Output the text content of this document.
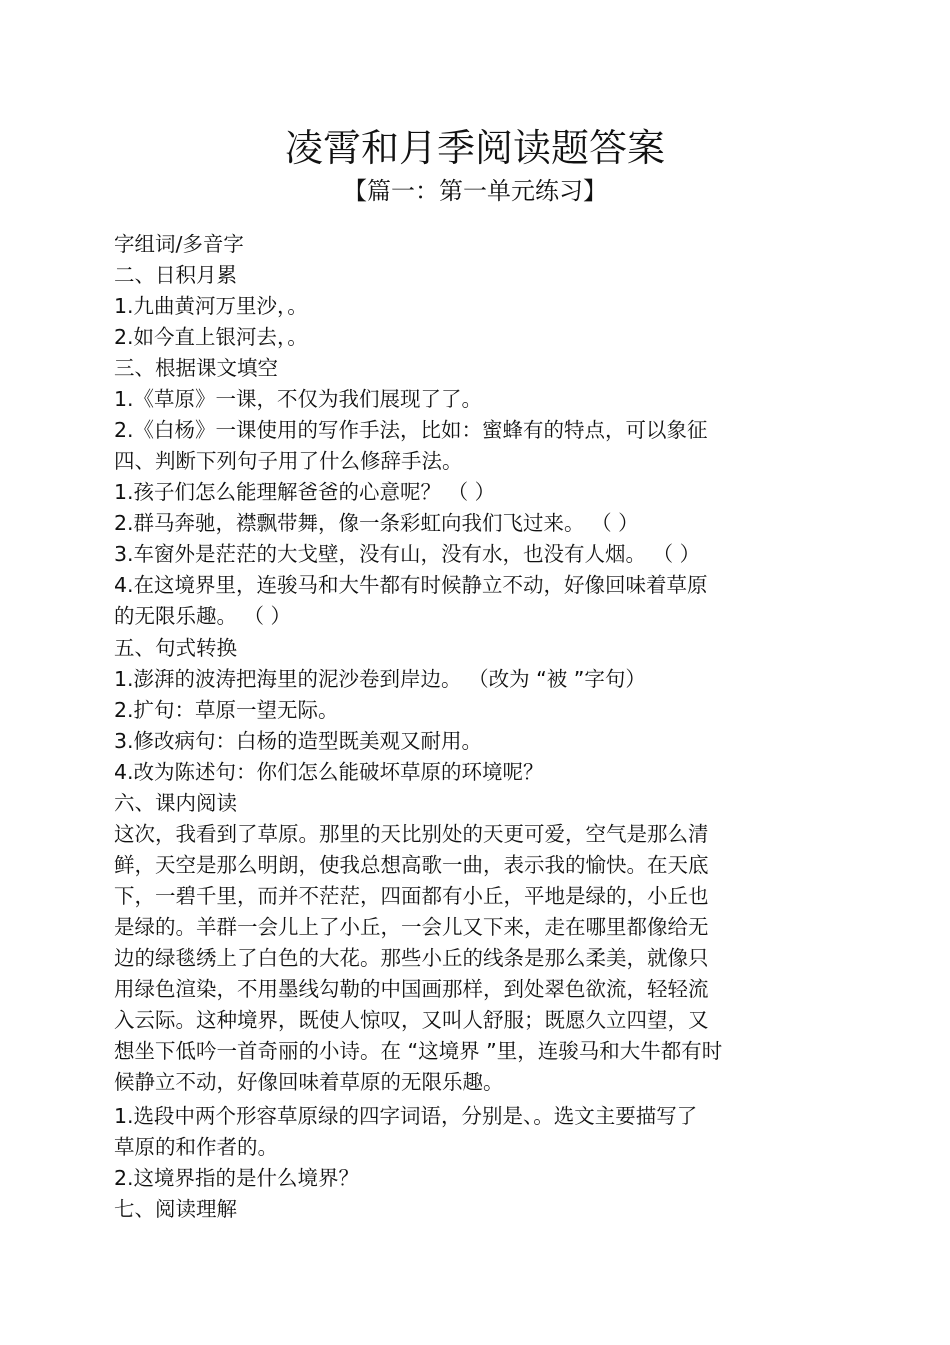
凌霄和月季阅读题答案
【篇一：第一单元练习】
字组词/多音字
二、日积月累
1.九曲黄河万里沙，。
2.如今直上银河去，。
三、根据课文填空
1.《草原》一课，不仅为我们展现了了。
2.《白杨》一课使用的写作手法，比如：蜜蜂有的特点，可以象征
四、判断下列句子用了什么修辞手法。
1.孩子们怎么能理解爸爸的心意呢？ （ ）
2.群马奔驰，襟飘带舞，像一条彩虹向我们飞过来。 （ ）
3.车窗外是茫茫的大戈壁，没有山，没有水，也没有人烟。 （ ）
4.在这境界里，连骏马和大牛都有时候静立不动，好像回味着草原
的无限乐趣。 （ ）
五、句式转换
1.澎湃的波涛把海里的泥沙卷到岸边。 （改为 “被 ”字句）
2.扩句：草原一望无际。
3.修改病句：白杨的造型既美观又耐用。
4.改为陈述句：你们怎么能破坏草原的环境呢？
六、课内阅读
这次，我看到了草原。那里的天比别处的天更可爱，空气是那么清
鲜，天空是那么明朗，使我总想高歌一曲，表示我的愉快。在天底
下，一碧千里，而并不茫茫，四面都有小丘，平地是绿的，小丘也
是绿的。羊群一会儿上了小丘，一会儿又下来，走在哪里都像给无
边的绿毯绣上了白色的大花。那些小丘的线条是那么柔美，就像只
用绿色渲染，不用墨线勾勒的中国画那样，到处翠色欲流，轻轻流
入云际。这种境界，既使人惊叹，又叫人舒服；既愿久立四望，又
想坐下低吟一首奇丽的小诗。在 “这境界 ”里，连骏马和大牛都有时
候静立不动，好像回味着草原的无限乐趣。
1.选段中两个形容草原绿的四字词语，分别是、。选文主要描写了
草原的和作者的。
2.这境界指的是什么境界？
七、阅读理解
